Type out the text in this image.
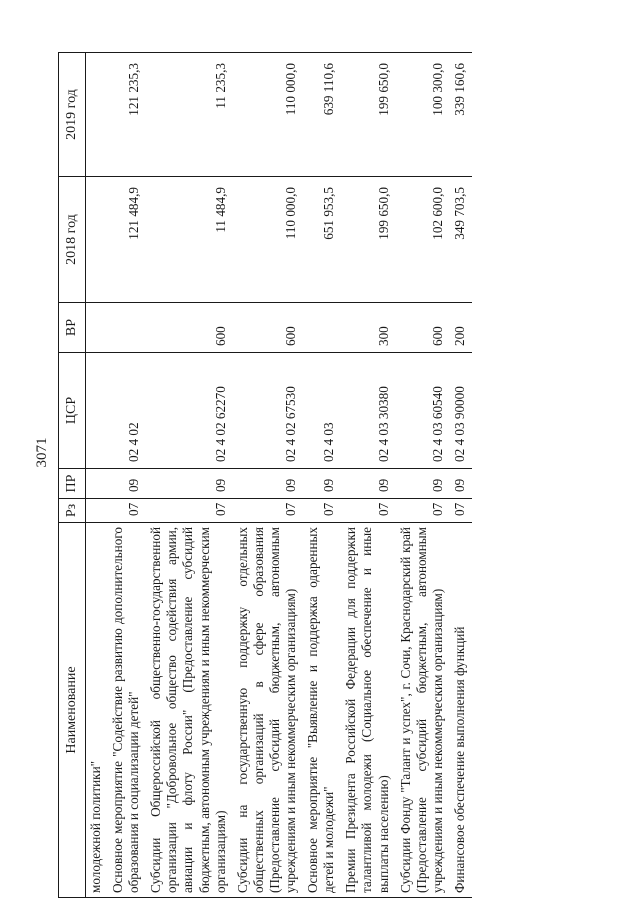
3071
Наименование	Рз	ПР	ЦСР	ВР	2018 год	2019 год
молодежной политики"						
Основное мероприятие "Содействие развитию дополнительного образования и социализации детей"	07	09	02 4 02		121 484,9	121 235,3
Субсидии Общероссийской общественно-государственной организации "Добровольное общество содействия армии, авиации и флоту России" (Предоставление субсидий бюджетным, автономным учреждениям и иным некоммерческим организациям)	07	09	02 4 02 62270	600	11 484,9	11 235,3
Субсидии на государственную поддержку отдельных общественных организаций в сфере образования (Предоставление субсидий бюджетным, автономным учреждениям и иным некоммерческим организациям)	07	09	02 4 02 67530	600	110 000,0	110 000,0
Основное мероприятие "Выявление и поддержка одаренных детей и молодежи"	07	09	02 4 03		651 953,5	639 110,6
Премии Президента Российской Федерации для поддержки талантливой молодежи (Социальное обеспечение и иные выплаты населению)	07	09	02 4 03 30380	300	199 650,0	199 650,0
Субсидии Фонду "Талант и успех", г. Сочи, Краснодарский край (Предоставление субсидий бюджетным, автономным учреждениям и иным некоммерческим организациям)	07	09	02 4 03 60540	600	102 600,0	100 300,0
Финансовое обеспечение выполнения функций	07	09	02 4 03 90000	200	349 703,5	339 160,6
